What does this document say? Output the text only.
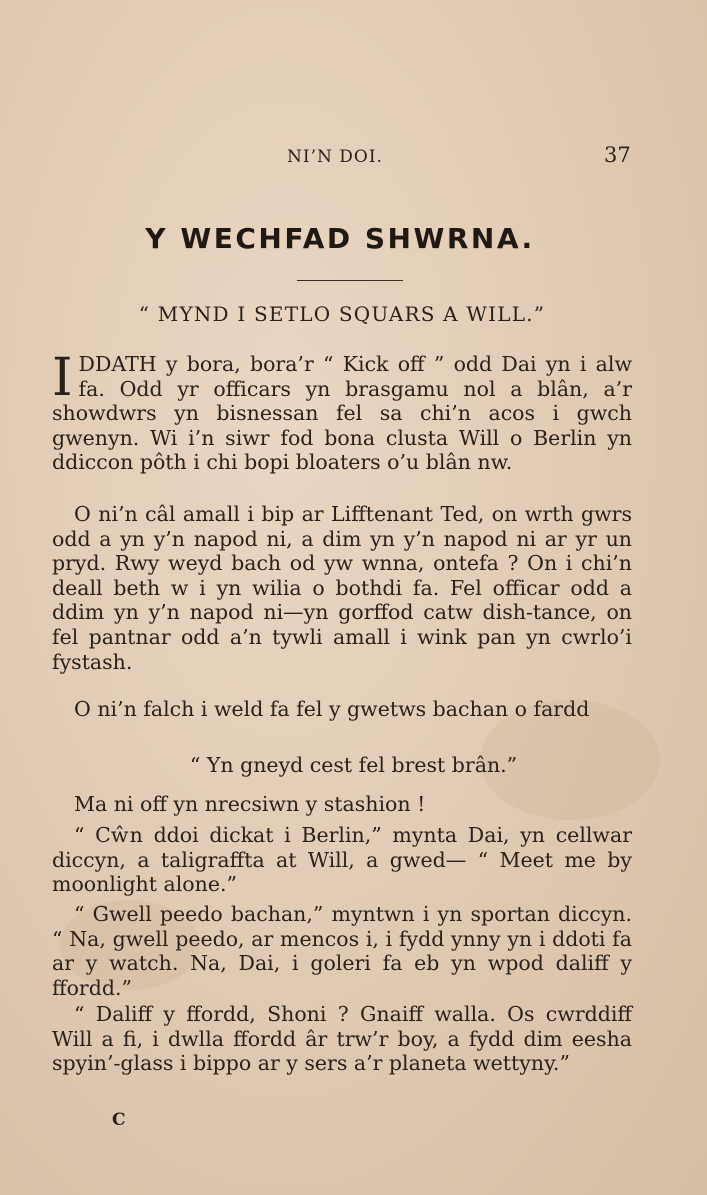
NI’N DOI.	37
Y WECHFAD SHWRNA.
“ MYND I SETLO SQUARS A WILL.”

IDDATH y bora, bora’r “ Kick off ” odd Dai yn i alw fa. Odd yr officars yn brasgamu nol a blân, a’r showdwrs yn bisnessan fel sa chi’n acos i gwch gwenyn. Wi i’n siwr fod bona clusta Will o Berlin yn ddiccon pôth i chi bopi bloaters o’u blân nw.

O ni’n câl amall i bip ar Lifftenant Ted, on wrth gwrs odd a yn y’n napod ni, a dim yn y’n napod ni ar yr un pryd. Rwy weyd bach od yw wnna, ontefa ? On i chi’n deall beth w i yn wilia o bothdi fa. Fel officar odd a ddim yn y’n napod ni—yn gorffod catw dish-tance, on fel pantnar odd a’n tywli amall i wink pan yn cwrlo’i fystash.

O ni’n falch i weld fa fel y gwetws bachan o fardd

“ Yn gneyd cest fel brest brân.”

Ma ni off yn nrecsiwn y stashion !

“ Cŵn ddoi dickat i Berlin,” mynta Dai, yn cellwar diccyn, a taligraffta at Will, a gwed— “ Meet me by moonlight alone.”

“ Gwell peedo bachan,” myntwn i yn sportan diccyn. “ Na, gwell peedo, ar mencos i, i fydd ynny yn i ddoti fa ar y watch. Na, Dai, i goleri fa eb yn wpod daliff y ffordd.”

“ Daliff y ffordd, Shoni ? Gnaiff walla. Os cwrddiff Will a fi, i dwlla ffordd âr trw’r boy, a fydd dim eesha spyin’-glass i bippo ar y sers a’r planeta wettyny.”

C
